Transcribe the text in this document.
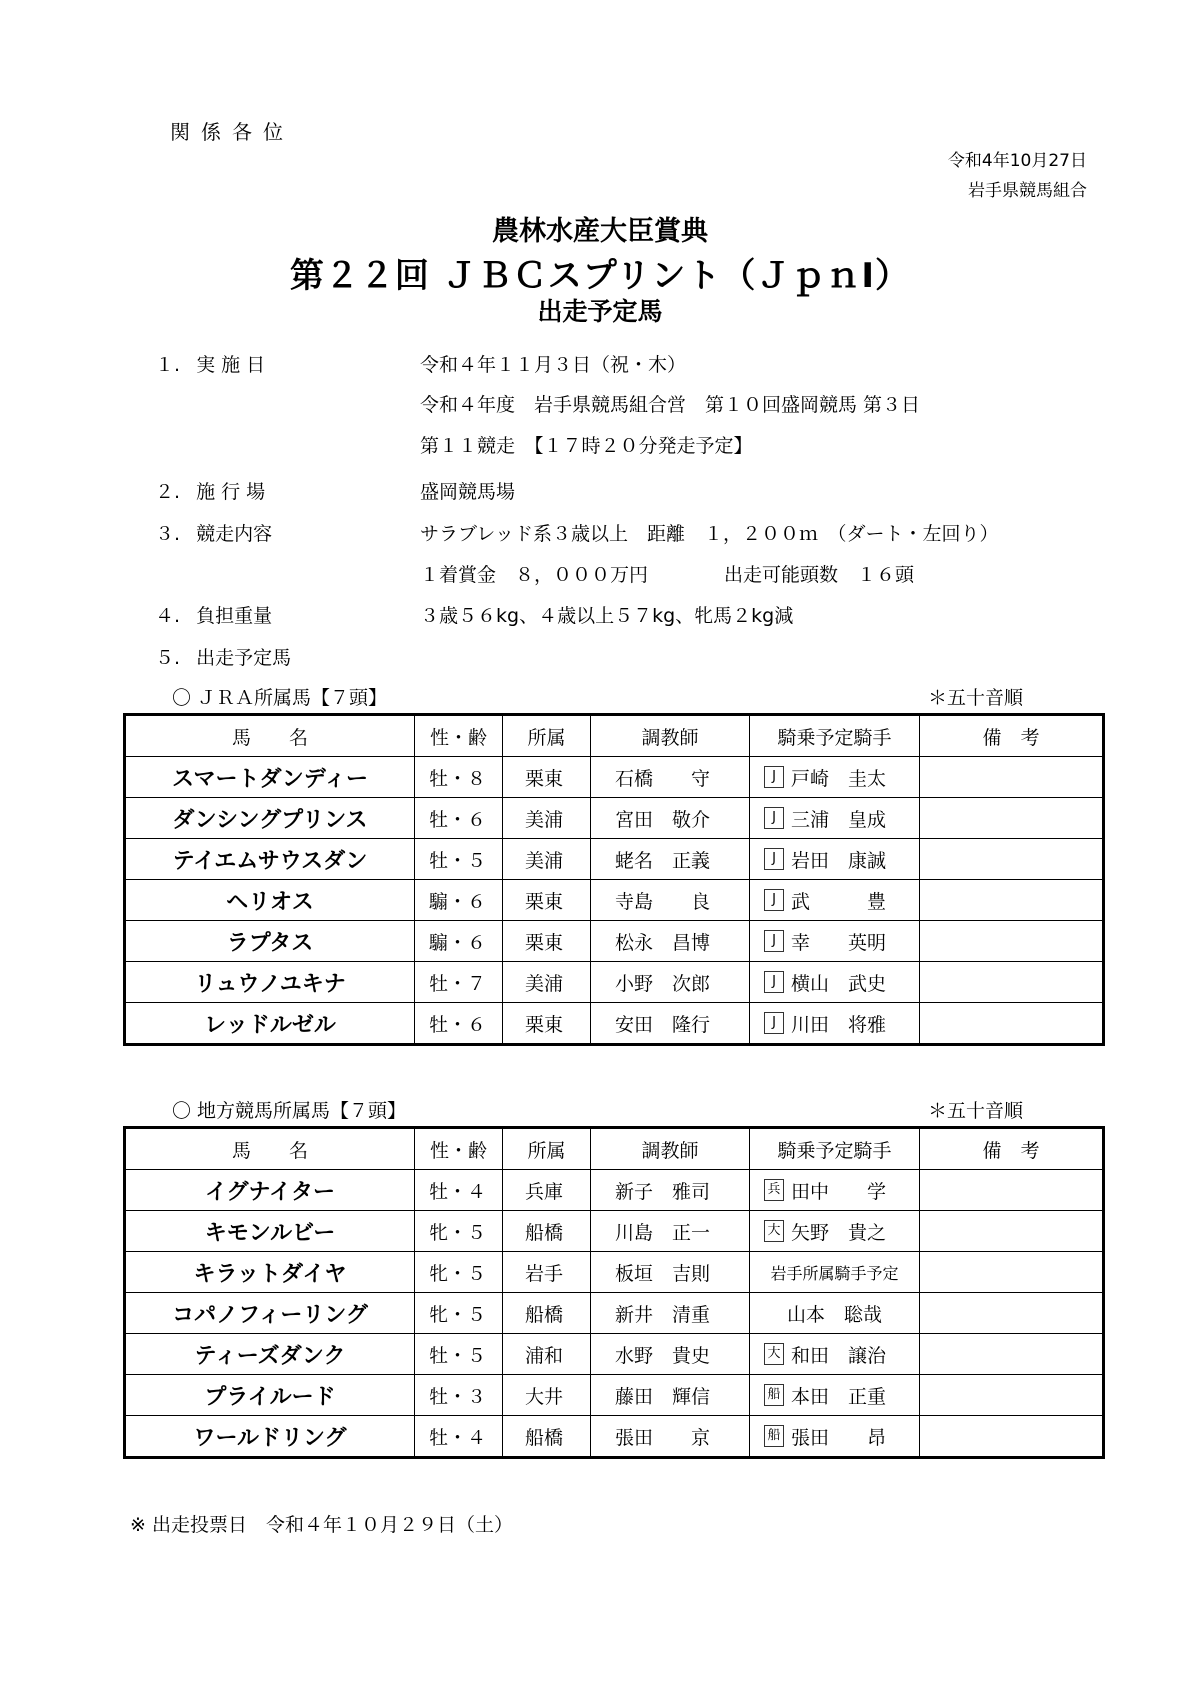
関係各位
令和4年10月27日
岩手県競馬組合
農林水産大臣賞典
第２２回 ＪＢＣスプリント（ＪｐｎⅠ）
出走予定馬
１. 実 施 日	令和４年１１月３日（祝・木）
令和４年度　岩手県競馬組合営　第１０回盛岡競馬 第３日
第１１競走　【１７時２０分発走予定】
２. 施 行 場	盛岡競馬場
３. 競走内容	サラブレッド系３歳以上　距離　１，２００ｍ　（ダート・左回り）
１着賞金　８，０００万円　　　　出走可能頭数　１６頭
４. 負担重量	３歳５６kg、４歳以上５７kg、牝馬２kg減
５. 出走予定馬
〇 ＪＲＡ所属馬【７頭】	＊五十音順
馬　　名	性・齢	所属	調教師	騎乗予定騎手	備　考
スマートダンディー	牡・８	栗東	石橋　　守	J 戸崎　圭太	
ダンシングプリンス	牡・６	美浦	宮田　敬介	J 三浦　皇成	
テイエムサウスダン	牡・５	美浦	蛯名　正義	J 岩田　康誠	
ヘリオス	騸・６	栗東	寺島　　良	J 武　　　豊	
ラプタス	騸・６	栗東	松永　昌博	J 幸　　英明	
リュウノユキナ	牡・７	美浦	小野　次郎	J 横山　武史	
レッドルゼル	牡・６	栗東	安田　隆行	J 川田　将雅	
〇 地方競馬所属馬【７頭】	＊五十音順
馬　　名	性・齢	所属	調教師	騎乗予定騎手	備　考
イグナイター	牡・４	兵庫	新子　雅司	兵 田中　　学	
キモンルビー	牝・５	船橋	川島　正一	大 矢野　貴之	
キラットダイヤ	牝・５	岩手	板垣　吉則	岩手所属騎手予定	
コパノフィーリング	牝・５	船橋	新井　清重	山本　聡哉	
ティーズダンク	牡・５	浦和	水野　貴史	大 和田　譲治	
プライルード	牡・３	大井	藤田　輝信	船 本田　正重	
ワールドリング	牡・４	船橋	張田　　京	船 張田　　昂	
※ 出走投票日　令和４年１０月２９日（土）
